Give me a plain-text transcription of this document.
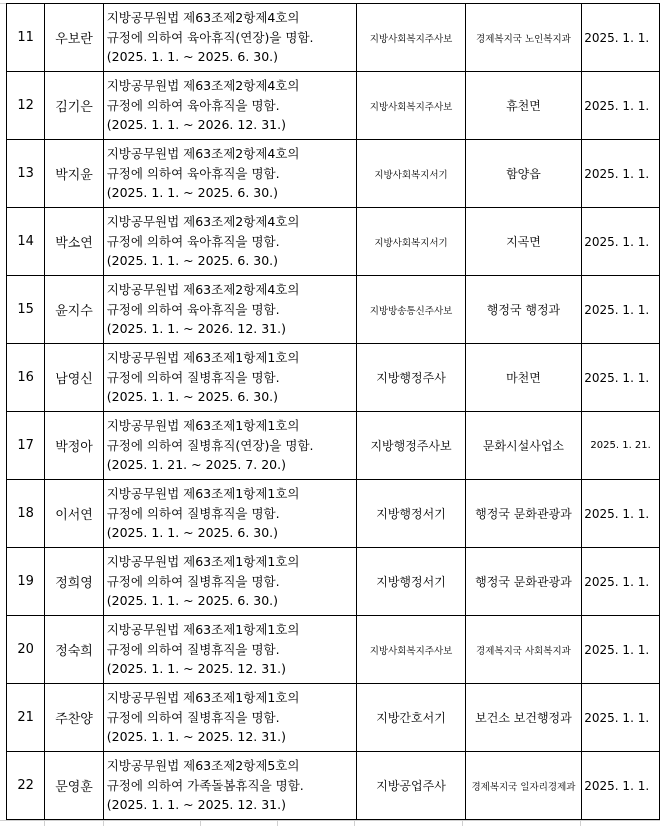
11	우보란	지방공무원법 제63조제2항제4호의
규정에 의하여 육아휴직(연장)을 명함.
(2025. 1. 1. ~ 2025. 6. 30.)	지방사회복지주사보	경제복지국 노인복지과	2025. 1. 1.
12	김기은	지방공무원법 제63조제2항제4호의
규정에 의하여 육아휴직을 명함.
(2025. 1. 1. ~ 2026. 12. 31.)	지방사회복지주사보	휴천면	2025. 1. 1.
13	박지윤	지방공무원법 제63조제2항제4호의
규정에 의하여 육아휴직을 명함.
(2025. 1. 1. ~ 2025. 6. 30.)	지방사회복지서기	함양읍	2025. 1. 1.
14	박소연	지방공무원법 제63조제2항제4호의
규정에 의하여 육아휴직을 명함.
(2025. 1. 1. ~ 2025. 6. 30.)	지방사회복지서기	지곡면	2025. 1. 1.
15	윤지수	지방공무원법 제63조제2항제4호의
규정에 의하여 육아휴직을 명함.
(2025. 1. 1. ~ 2026. 12. 31.)	지방방송통신주사보	행정국 행정과	2025. 1. 1.
16	남영신	지방공무원법 제63조제1항제1호의
규정에 의하여 질병휴직을 명함.
(2025. 1. 1. ~ 2025. 6. 30.)	지방행정주사	마천면	2025. 1. 1.
17	박정아	지방공무원법 제63조제1항제1호의
규정에 의하여 질병휴직(연장)을 명함.
(2025. 1. 21. ~ 2025. 7. 20.)	지방행정주사보	문화시설사업소	2025. 1. 21.
18	이서연	지방공무원법 제63조제1항제1호의
규정에 의하여 질병휴직을 명함.
(2025. 1. 1. ~ 2025. 6. 30.)	지방행정서기	행정국 문화관광과	2025. 1. 1.
19	정희영	지방공무원법 제63조제1항제1호의
규정에 의하여 질병휴직을 명함.
(2025. 1. 1. ~ 2025. 6. 30.)	지방행정서기	행정국 문화관광과	2025. 1. 1.
20	정숙희	지방공무원법 제63조제1항제1호의
규정에 의하여 질병휴직을 명함.
(2025. 1. 1. ~ 2025. 12. 31.)	지방사회복지주사보	경제복지국 사회복지과	2025. 1. 1.
21	주찬양	지방공무원법 제63조제1항제1호의
규정에 의하여 질병휴직을 명함.
(2025. 1. 1. ~ 2025. 12. 31.)	지방간호서기	보건소 보건행정과	2025. 1. 1.
22	문영훈	지방공무원법 제63조제2항제5호의
규정에 의하여 가족돌봄휴직을 명함.
(2025. 1. 1. ~ 2025. 12. 31.)	지방공업주사	경제복지국 일자리경제과	2025. 1. 1.
